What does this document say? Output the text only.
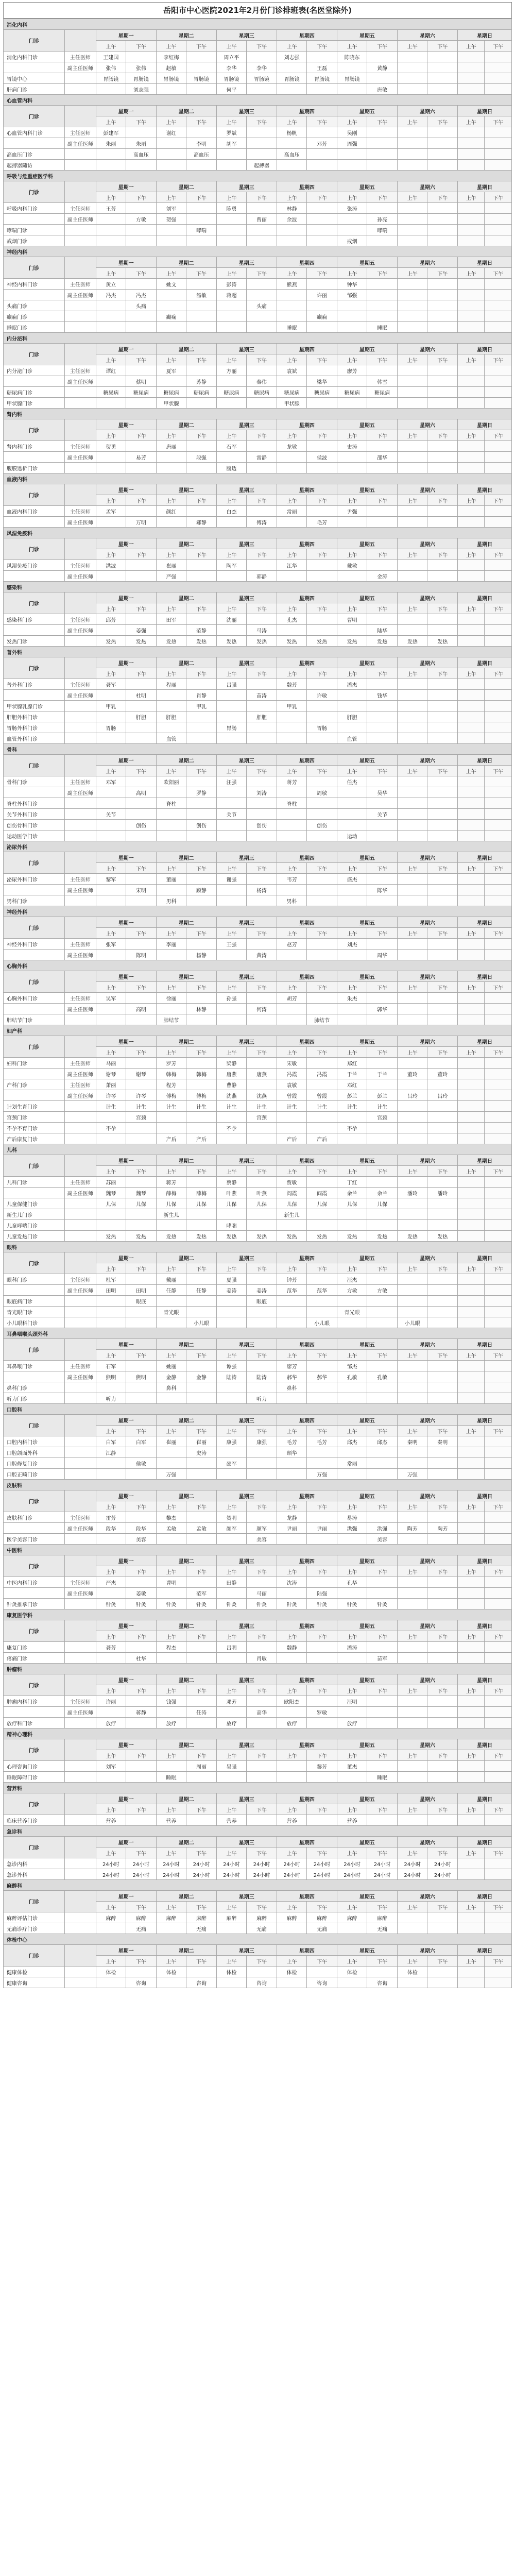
岳阳市中心医院2021年2月份门诊排班表(名医堂除外)
消化内科															
门诊		星期一		星期二		星期三		星期四		星期五		星期六		星期日	
		上午	下午	上午	下午	上午	下午	上午	下午	上午	下午	上午	下午	上午	下午
消化内科门诊	主任医师	王建国		李红梅		周立平		刘志强		陈晓东					
	副主任医师	张伟	张伟	赵敏		李华	李华		王磊		黄静				
胃镜中心		胃肠镜	胃肠镜	胃肠镜	胃肠镜	胃肠镜	胃肠镜	胃肠镜	胃肠镜	胃肠镜					
肝病门诊			刘志强			何平					唐敏				
心血管内科															
门诊		星期一		星期二		星期三		星期四		星期五		星期六		星期日	
		上午	下午	上午	下午	上午	下午	上午	下午	上午	下午	上午	下午	上午	下午
心血管内科门诊	主任医师	彭建军		谢红		罗斌		杨帆		吴刚					
	副主任医师	朱丽	朱丽		李明	胡军			邓芳	周强					
高血压门诊			高血压		高血压			高血压							
起搏器随访							起搏器								
呼吸与危重症医学科															
门诊		星期一		星期二		星期三		星期四		星期五		星期六		星期日	
		上午	下午	上午	下午	上午	下午	上午	下午	上午	下午	上午	下午	上午	下午
呼吸内科门诊	主任医师	王芳		刘军		陈勇		林静		张涛					
	副主任医师		方敏	贺强			曾丽	余波			孙亮				
哮喘门诊					哮喘						哮喘				
戒烟门诊										戒烟					
神经内科															
门诊		星期一		星期二		星期三		星期四		星期五		星期六		星期日	
		上午	下午	上午	下午	上午	下午	上午	下午	上午	下午	上午	下午	上午	下午
神经内科门诊	主任医师	黄立		姚文		彭涛		熊燕		钟华					
	副主任医师	冯杰	冯杰		汤敏	蒋超			许丽	邹强					
头痛门诊			头痛				头痛								
癫痫门诊				癫痫					癫痫						
睡眠门诊								睡眠			睡眠				
内分泌科															
门诊		星期一		星期二		星期三		星期四		星期五		星期六		星期日	
		上午	下午	上午	下午	上午	下午	上午	下午	上午	下午	上午	下午	上午	下午
内分泌门诊	主任医师	谭红		夏军		方丽		袁斌		廖芳					
	副主任医师		蔡明		苏静		秦伟		梁华		韩雪				
糖尿病门诊		糖尿病	糖尿病	糖尿病	糖尿病	糖尿病	糖尿病	糖尿病	糖尿病	糖尿病	糖尿病				
甲状腺门诊				甲状腺				甲状腺							
肾内科															
门诊		星期一		星期二		星期三		星期四		星期五		星期六		星期日	
		上午	下午	上午	下午	上午	下午	上午	下午	上午	下午	上午	下午	上午	下午
肾内科门诊	主任医师	贺勇		唐丽		石军		龙敏		史涛					
	副主任医师		易芳		段强		雷静		侯波		邵华				
腹膜透析门诊						腹透									
血液内科															
门诊		星期一		星期二		星期三		星期四		星期五		星期六		星期日	
		上午	下午	上午	下午	上午	下午	上午	下午	上午	下午	上午	下午	上午	下午
血液内科门诊	主任医师	孟军		颜红		白杰		常丽		尹强					
	副主任医师		万明		郝静		傅涛		毛芳						
风湿免疫科															
门诊		星期一		星期二		星期三		星期四		星期五		星期六		星期日	
		上午	下午	上午	下午	上午	下午	上午	下午	上午	下午	上午	下午	上午	下午
风湿免疫门诊	主任医师	洪波		崔丽		陶军		江华		戴敏					
	副主任医师			严强			郭静				金涛				
感染科															
门诊		星期一		星期二		星期三		星期四		星期五		星期六		星期日	
		上午	下午	上午	下午	上午	下午	上午	下午	上午	下午	上午	下午	上午	下午
感染科门诊	主任医师	邱芳		田军		沈丽		孔杰		曹明					
	副主任医师		姜强		范静		马涛				陆华				
发热门诊		发热	发热	发热	发热	发热	发热	发热	发热	发热	发热	发热	发热		
普外科															
门诊		星期一		星期二		星期三		星期四		星期五		星期六		星期日	
		上午	下午	上午	下午	上午	下午	上午	下午	上午	下午	上午	下午	上午	下午
普外科门诊	主任医师	龚军		程丽		吕强		魏芳		潘杰					
	副主任医师		杜明		肖静		苗涛		许敏		钱华				
甲状腺乳腺门诊		甲乳			甲乳			甲乳							
肝胆外科门诊			肝胆	肝胆			肝胆			肝胆					
胃肠外科门诊		胃肠				胃肠			胃肠						
血管外科门诊				血管						血管					
骨科															
门诊		星期一		星期二		星期三		星期四		星期五		星期六		星期日	
		上午	下午	上午	下午	上午	下午	上午	下午	上午	下午	上午	下午	上午	下午
骨科门诊	主任医师	邓军		欧阳丽		汪强		蒋芳		任杰					
	副主任医师		高明		罗静		刘涛		周敏		吴华				
脊柱外科门诊				脊柱				脊柱							
关节外科门诊		关节				关节					关节				
创伤骨科门诊			创伤		创伤		创伤		创伤						
运动医学门诊										运动					
泌尿外科															
门诊		星期一		星期二		星期三		星期四		星期五		星期六		星期日	
		上午	下午	上午	下午	上午	下午	上午	下午	上午	下午	上午	下午	上午	下午
泌尿外科门诊	主任医师	黎军		董丽		谢强		韦芳		盛杰					
	副主任医师		宋明		顾静		杨涛				陈华				
男科门诊				男科				男科							
神经外科															
门诊		星期一		星期二		星期三		星期四		星期五		星期六		星期日	
		上午	下午	上午	下午	上午	下午	上午	下午	上午	下午	上午	下午	上午	下午
神经外科门诊	主任医师	张军		李丽		王强		赵芳		刘杰					
	副主任医师		陈明		杨静		黄涛				周华				
心胸外科															
门诊		星期一		星期二		星期三		星期四		星期五		星期六		星期日	
		上午	下午	上午	下午	上午	下午	上午	下午	上午	下午	上午	下午	上午	下午
心胸外科门诊	主任医师	吴军		徐丽		孙强		胡芳		朱杰					
	副主任医师		高明		林静		何涛				郭华				
肺结节门诊				肺结节					肺结节						
妇产科															
门诊		星期一		星期二		星期三		星期四		星期五		星期六		星期日	
		上午	下午	上午	下午	上午	下午	上午	下午	上午	下午	上午	下午	上午	下午
妇科门诊	主任医师	马丽		罗芳		梁静		宋敏		郑红					
	副主任医师	谢琴	谢琴	韩梅	韩梅	唐燕	唐燕	冯霞	冯霞	于兰	于兰	董玲	董玲		
产科门诊	主任医师	萧丽		程芳		曹静		袁敏		邓红					
	副主任医师	许琴	许琴	傅梅	傅梅	沈燕	沈燕	曾霞	曾霞	彭兰	彭兰	吕玲	吕玲		
计划生育门诊		计生	计生	计生	计生	计生	计生	计生	计生	计生	计生				
宫颈门诊			宫颈				宫颈				宫颈				
不孕不育门诊		不孕				不孕				不孕					
产后康复门诊				产后	产后			产后	产后						
儿科															
门诊		星期一		星期二		星期三		星期四		星期五		星期六		星期日	
		上午	下午	上午	下午	上午	下午	上午	下午	上午	下午	上午	下午	上午	下午
儿科门诊	主任医师	苏丽		蒋芳		蔡静		贾敏		丁红					
	副主任医师	魏琴	魏琴	薛梅	薛梅	叶燕	叶燕	阎霞	阎霞	余兰	余兰	潘玲	潘玲		
儿童保健门诊		儿保	儿保	儿保	儿保	儿保	儿保	儿保	儿保	儿保	儿保				
新生儿门诊				新生儿				新生儿							
儿童哮喘门诊						哮喘									
儿童发热门诊		发热	发热	发热	发热	发热	发热	发热	发热	发热	发热	发热	发热		
眼科															
门诊		星期一		星期二		星期三		星期四		星期五		星期六		星期日	
		上午	下午	上午	下午	上午	下午	上午	下午	上午	下午	上午	下午	上午	下午
眼科门诊	主任医师	杜军		戴丽		夏强		钟芳		汪杰					
	副主任医师	田明	田明	任静	任静	姜涛	姜涛	范华	范华	方敏	方敏				
眼底病门诊			眼底				眼底								
青光眼门诊				青光眼						青光眼					
小儿眼科门诊					小儿眼				小儿眼			小儿眼			
耳鼻咽喉头颈外科															
门诊		星期一		星期二		星期三		星期四		星期五		星期六		星期日	
		上午	下午	上午	下午	上午	下午	上午	下午	上午	下午	上午	下午	上午	下午
耳鼻喉门诊	主任医师	石军		姚丽		谭强		廖芳		邹杰					
	副主任医师	熊明	熊明	金静	金静	陆涛	陆涛	郝华	郝华	孔敏	孔敏				
鼻科门诊				鼻科				鼻科							
听力门诊		听力					听力								
口腔科															
门诊		星期一		星期二		星期三		星期四		星期五		星期六		星期日	
		上午	下午	上午	下午	上午	下午	上午	下午	上午	下午	上午	下午	上午	下午
口腔内科门诊		白军	白军	崔丽	崔丽	康强	康强	毛芳	毛芳	邱杰	邱杰	秦明	秦明		
口腔颌面外科		江静			史涛			顾华							
口腔修复门诊			侯敏			邵军				常丽					
口腔正畸门诊				万强					万强			万强			
皮肤科															
门诊		星期一		星期二		星期三		星期四		星期五		星期六		星期日	
		上午	下午	上午	下午	上午	下午	上午	下午	上午	下午	上午	下午	上午	下午
皮肤科门诊	主任医师	雷芳		黎杰		贺明		龙静		易涛					
	副主任医师	段华	段华	孟敏	孟敏	颜军	颜军	尹丽	尹丽	洪强	洪强	陶芳	陶芳		
医学美容门诊			美容				美容				美容				
中医科															
门诊		星期一		星期二		星期三		星期四		星期五		星期六		星期日	
		上午	下午	上午	下午	上午	下午	上午	下午	上午	下午	上午	下午	上午	下午
中医内科门诊	主任医师	严杰		曹明		田静		沈涛		孔华					
	副主任医师		姜敏		范军		马丽		陆强						
针灸推拿门诊		针灸	针灸	针灸	针灸	针灸	针灸	针灸	针灸	针灸	针灸				
康复医学科															
门诊		星期一		星期二		星期三		星期四		星期五		星期六		星期日	
		上午	下午	上午	下午	上午	下午	上午	下午	上午	下午	上午	下午	上午	下午
康复门诊		龚芳		程杰		吕明		魏静		潘涛					
疼痛门诊			杜华				肖敏				苗军				
肿瘤科															
门诊		星期一		星期二		星期三		星期四		星期五		星期六		星期日	
		上午	下午	上午	下午	上午	下午	上午	下午	上午	下午	上午	下午	上午	下午
肿瘤内科门诊	主任医师	许丽		钱强		邓芳		欧阳杰		汪明					
	副主任医师		蒋静		任涛		高华		罗敏						
放疗科门诊		放疗		放疗		放疗		放疗		放疗					
精神心理科															
门诊		星期一		星期二		星期三		星期四		星期五		星期六		星期日	
		上午	下午	上午	下午	上午	下午	上午	下午	上午	下午	上午	下午	上午	下午
心理咨询门诊		刘军			周丽	吴强			黎芳	董杰					
睡眠障碍门诊				睡眠							睡眠				
营养科															
门诊		星期一		星期二		星期三		星期四		星期五		星期六		星期日	
		上午	下午	上午	下午	上午	下午	上午	下午	上午	下午	上午	下午	上午	下午
临床营养门诊		营养		营养		营养		营养		营养					
急诊科															
门诊		星期一		星期二		星期三		星期四		星期五		星期六		星期日	
		上午	下午	上午	下午	上午	下午	上午	下午	上午	下午	上午	下午	上午	下午
急诊内科		24小时	24小时	24小时	24小时	24小时	24小时	24小时	24小时	24小时	24小时	24小时	24小时		
急诊外科		24小时	24小时	24小时	24小时	24小时	24小时	24小时	24小时	24小时	24小时	24小时	24小时		
麻醉科															
门诊		星期一		星期二		星期三		星期四		星期五		星期六		星期日	
		上午	下午	上午	下午	上午	下午	上午	下午	上午	下午	上午	下午	上午	下午
麻醉评估门诊		麻醉	麻醉	麻醉	麻醉	麻醉	麻醉	麻醉	麻醉	麻醉	麻醉				
无痛诊疗门诊			无痛		无痛		无痛		无痛		无痛				
体检中心															
门诊		星期一		星期二		星期三		星期四		星期五		星期六		星期日	
		上午	下午	上午	下午	上午	下午	上午	下午	上午	下午	上午	下午	上午	下午
健康体检		体检		体检		体检		体检		体检		体检			
健康咨询			咨询		咨询		咨询		咨询		咨询				
